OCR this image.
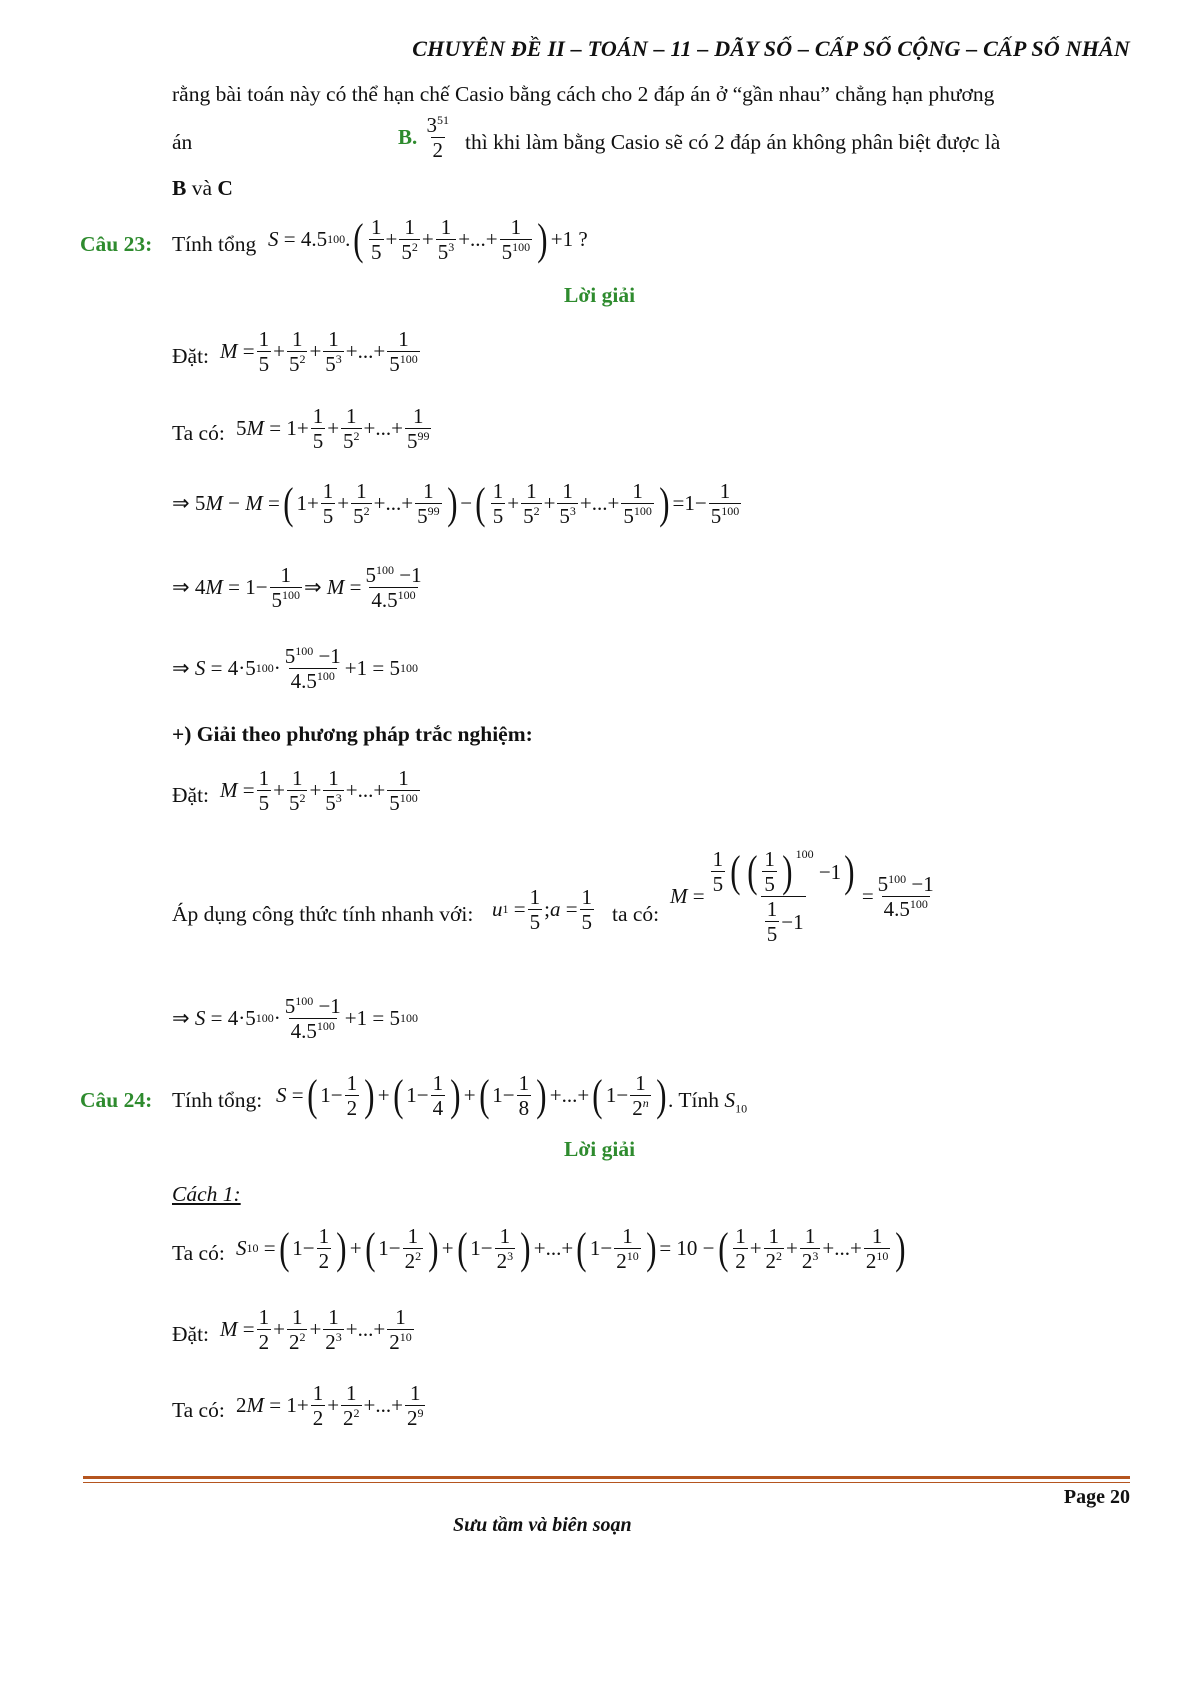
CHUYÊN ĐỀ II – TOÁN – 11 – DÃY SỐ – CẤP SỐ CỘNG – CẤP SỐ NHÂN
rằng bài toán này có thể hạn chế Casio bằng cách cho 2 đáp án ở “gần nhau” chẳng hạn phương
án	B.
$\frac{3^{51}}{2}$ thì khi làm bằng Casio sẽ có 2 đáp án không phân biệt được là
B và C
Câu 23: Tính tổng S = 4.5 100 . ( $\frac{1}{5} + \frac{1}{5^2} + \frac{1}{5^3}$ +...+ $\frac{1}{5^{100}}$ ) +1 ?
Lời giải
Đặt: $M = \frac{1}{5} + \frac{1}{5^2} + \frac{1}{5^3}$ +...+ $\frac{1}{5^{100}}$
Ta có: 5 $M = 1+ \frac{1}{5} + \frac{1}{5^2}$ +...+ $\frac{1}{5^{99}}$
⇒ 5 M − M = ( $1+ \frac{1}{5} + \frac{1}{5^2}$ +...+ $\frac{1}{5^{99}}$ ) − ( $\frac{1}{5} + \frac{1}{5^2} + \frac{1}{5^3}$ +...+ $\frac{1}{5^{100}}$ ) $=1- \frac{1}{5^{100}}$
⇒ 4 $M = 1- \frac{1}{5^{100}}$ ⇒ $M = \frac{5^{100} -1}{4.5^{100}}$
⇒ S = 4·5 $100 \cdot \frac{5^{100} -1}{4.5^{100}} +1 = 5$ 100
+) Giải theo phương pháp trắc nghiệm:
Đặt: $M = \frac{1}{5} + \frac{1}{5^2} + \frac{1}{5^3}$ +...+ $\frac{1}{5^{100}}$
Áp dụng công thức tính nhanh với: u $1 = \frac{1}{5}$ ; $a = \frac{1}{5}$ ta có:
$M = \frac{1}{5}$ ( ( $\frac{1}{5}$ ) $^{100}$
−1 )
$\frac{1}{5} -1 = \frac{5^{100} -1}{4.5^{100}}$
⇒ S = 4·5 $100 \cdot \frac{5^{100} -1}{4.5^{100}} +1 = 5$ 100
Câu 24: Tính tổng: S = ( $1- \frac{1}{2}$ ) + ( $1- \frac{1}{4}$ ) + ( $1- \frac{1}{8}$ ) +...+ ( $1- \frac{1}{2^n}$ ) . Tính $S_{10}$
Lời giải
Cách 1:
Ta có: S 10 = ( $1- \frac{1}{2}$ ) + ( $1- \frac{1}{2^2}$ ) + ( $1- \frac{1}{2^3}$ ) +...+ ( $1- \frac{1}{2^{10}}$ ) = 10 − ( $\frac{1}{2} + \frac{1}{2^2} + \frac{1}{2^3}$ +...+ $\frac{1}{2^{10}}$ )
Đặt: $M = \frac{1}{2} + \frac{1}{2^2} + \frac{1}{2^3}$ +...+ $\frac{1}{2^{10}}$
Ta có: 2 $M = 1+ \frac{1}{2} + \frac{1}{2^2}$ +...+ $\frac{1}{2^9}$
Page 20
Sưu tầm và biên soạn
